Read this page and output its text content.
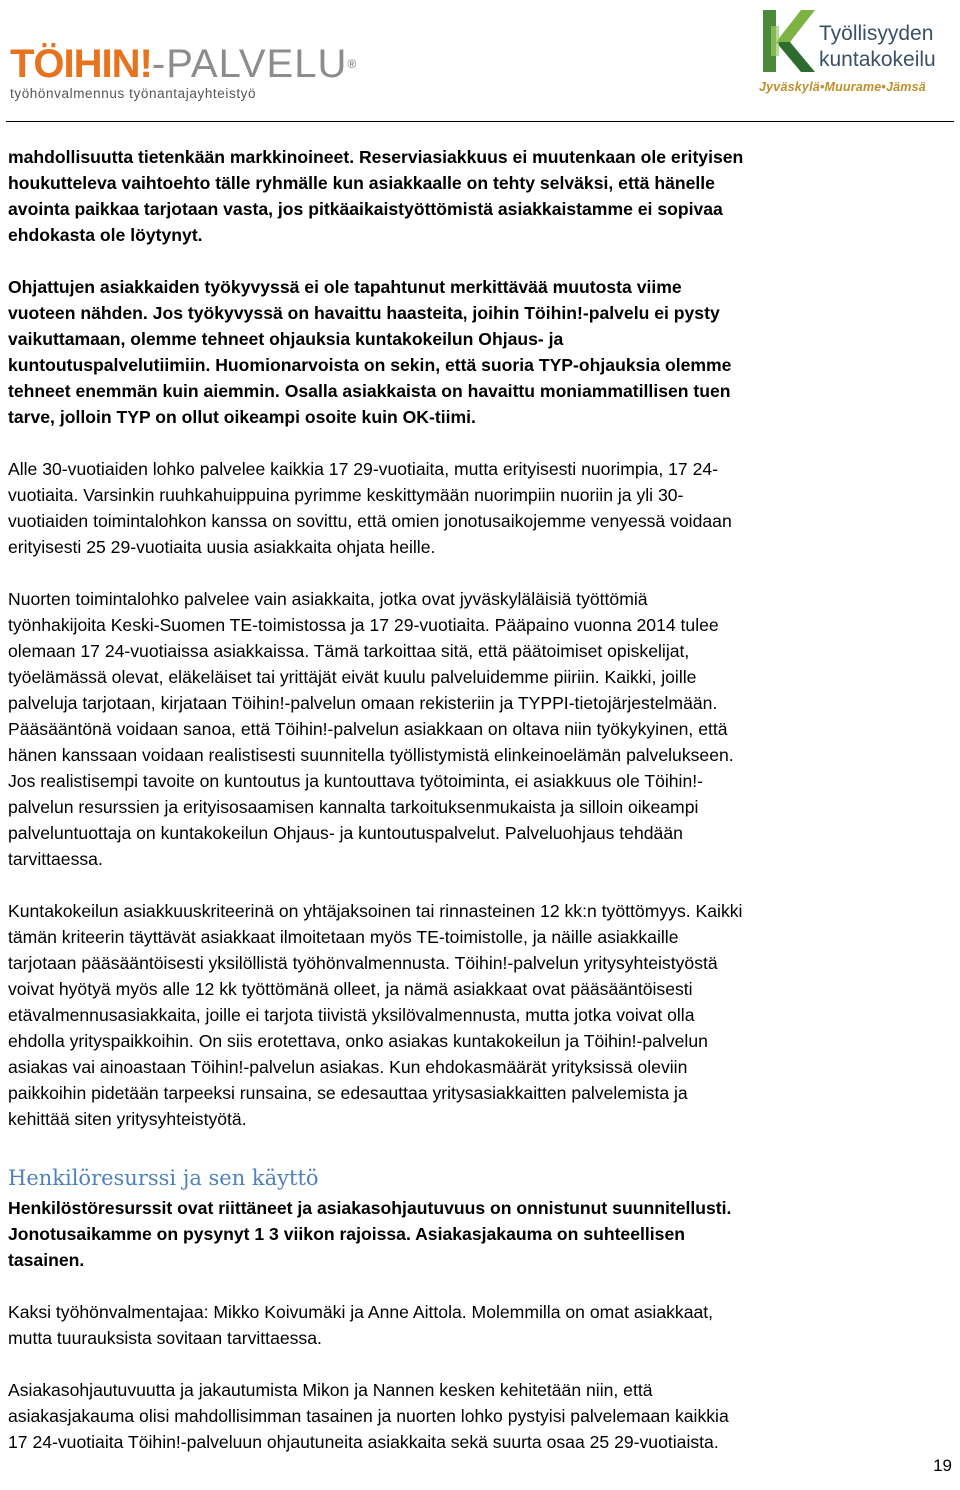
TÖIHIN!-PALVELU®
työhönvalmennus työnantajayhteistyö
Työllisyyden
kuntakokeilu
Jyväskylä•Muurame•Jämsä

mahdollisuutta tietenkään markkinoineet. Reserviasiakkuus ei muutenkaan ole erityisen
houkutteleva vaihtoehto tälle ryhmälle kun asiakkaalle on tehty selväksi, että hänelle
avointa paikkaa tarjotaan vasta, jos pitkäaikaistyöttömistä asiakkaistamme ei sopivaa
ehdokasta ole löytynyt.

Ohjattujen asiakkaiden työkyvyssä ei ole tapahtunut merkittävää muutosta viime
vuoteen nähden. Jos työkyvyssä on havaittu haasteita, joihin Töihin!-palvelu ei pysty
vaikuttamaan, olemme tehneet ohjauksia kuntakokeilun Ohjaus- ja
kuntoutuspalvelutiimiin. Huomionarvoista on sekin, että suoria TYP-ohjauksia olemme
tehneet enemmän kuin aiemmin. Osalla asiakkaista on havaittu moniammatillisen tuen
tarve, jolloin TYP on ollut oikeampi osoite kuin OK-tiimi.

Alle 30-vuotiaiden lohko palvelee kaikkia 17 29-vuotiaita, mutta erityisesti nuorimpia, 17 24-
vuotiaita. Varsinkin ruuhkahuippuina pyrimme keskittymään nuorimpiin nuoriin ja yli 30-
vuotiaiden toimintalohkon kanssa on sovittu, että omien jonotusaikojemme venyessä voidaan
erityisesti 25 29-vuotiaita uusia asiakkaita ohjata heille.

Nuorten toimintalohko palvelee vain asiakkaita, jotka ovat jyväskyläläisiä työttömiä
työnhakijoita Keski-Suomen TE-toimistossa ja 17 29-vuotiaita. Pääpaino vuonna 2014 tulee
olemaan 17 24-vuotiaissa asiakkaissa. Tämä tarkoittaa sitä, että päätoimiset opiskelijat,
työelämässä olevat, eläkeläiset tai yrittäjät eivät kuulu palveluidemme piiriin. Kaikki, joille
palveluja tarjotaan, kirjataan Töihin!-palvelun omaan rekisteriin ja TYPPI-tietojärjestelmään.
Pääsääntönä voidaan sanoa, että Töihin!-palvelun asiakkaan on oltava niin työkykyinen, että
hänen kanssaan voidaan realistisesti suunnitella työllistymistä elinkeinoelämän palvelukseen.
Jos realistisempi tavoite on kuntoutus ja kuntouttava työtoiminta, ei asiakkuus ole Töihin!-
palvelun resurssien ja erityisosaamisen kannalta tarkoituksenmukaista ja silloin oikeampi
palveluntuottaja on kuntakokeilun Ohjaus- ja kuntoutuspalvelut. Palveluohjaus tehdään
tarvittaessa.

Kuntakokeilun asiakkuuskriteerinä on yhtäjaksoinen tai rinnasteinen 12 kk:n työttömyys. Kaikki
tämän kriteerin täyttävät asiakkaat ilmoitetaan myös TE-toimistolle, ja näille asiakkaille
tarjotaan pääsääntöisesti yksilöllistä työhönvalmennusta. Töihin!-palvelun yritysyhteistyöstä
voivat hyötyä myös alle 12 kk työttömänä olleet, ja nämä asiakkaat ovat pääsääntöisesti
etävalmennusasiakkaita, joille ei tarjota tiivistä yksilövalmennusta, mutta jotka voivat olla
ehdolla yrityspaikkoihin. On siis erotettava, onko asiakas kuntakokeilun ja Töihin!-palvelun
asiakas vai ainoastaan Töihin!-palvelun asiakas. Kun ehdokasmäärät yrityksissä oleviin
paikkoihin pidetään tarpeeksi runsaina, se edesauttaa yritysasiakkaitten palvelemista ja
kehittää siten yritysyhteistyötä.

Henkilöresurssi ja sen käyttö

Henkilöstöresurssit ovat riittäneet ja asiakasohjautuvuus on onnistunut suunnitellusti.
Jonotusaikamme on pysynyt 1 3 viikon rajoissa. Asiakasjakauma on suhteellisen
tasainen.

Kaksi työhönvalmentajaa: Mikko Koivumäki ja Anne Aittola. Molemmilla on omat asiakkaat,
mutta tuurauksista sovitaan tarvittaessa.

Asiakasohjautuvuutta ja jakautumista Mikon ja Nannen kesken kehitetään niin, että
asiakasjakauma olisi mahdollisimman tasainen ja nuorten lohko pystyisi palvelemaan kaikkia
17 24-vuotiaita Töihin!-palveluun ohjautuneita asiakkaita sekä suurta osaa 25 29-vuotiaista.

19
